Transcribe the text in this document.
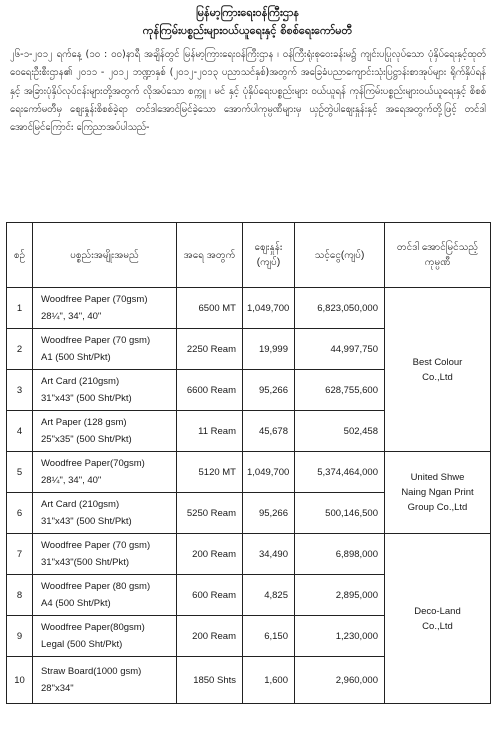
မြန်မာ့ကြားရေးဝန်ကြီးဌာန
ကုန်ကြမ်းပစ္စည်းများဝယ်ယူရေးနှင့် စိစစ်ရေးကော်မတီ
၂၆-၁-၂၀၁၂ ရက်နေ့ (၁၀ : ၀၀)နာရီ အချိန်တွင် မြန်မာ့ကြားရေးဝန်ကြီးဌာန ၊ ဝန်ကြီးရုံးစုဝေးခန်းမ၌ ကျင်းပပြုလုပ်သော ပုံနှိပ်ရေးနှင့်ထုတ်ဝေရေးဦးစီးဌာန၏ ၂၀၁၁ - ၂၀၁၂ ဘဏ္ဍာနှစ် (၂၀၁၂-၂၀၁၃ ပညာသင်နှစ်)အတွက် အခြေခံပညာကျောင်းသုံးပြဋ္ဌာန်းစာအုပ်များ ရိုက်နှိပ်ရန်နှင့် အခြားပုံနှိပ်လုပ်ငန်းများတို့အတွက် လိုအပ်သော စက္ကူ ၊ မင် နှင့် ပုံနှိပ်ရေးပစ္စည်းများ ဝယ်ယူရန် ကုန်ကြမ်းပစ္စည်းများဝယ်ယူရေးနှင့် စိစစ်ရေးကော်မတီမှ ဈေးနှုန်းစိစစ်ခဲ့ရာ တင်ဒါအောင်မြင်ခဲ့သော အောက်ပါကုမ္ပဏီများမှ ယှဉ်တွဲပါဈေးနှုန်းနှင့် အရေအတွက်တို့ဖြင့် တင်ဒါအောင်မြင်ကြောင်း ကြေညာအပ်ပါသည်-
စဉ်	ပစ္စည်းအမျိုးအမည်	အရေ အတွက်	ဈေးနှုန်း (ကျပ်)	သင့်ငွေ(ကျပ်)	တင်ဒါ အောင်မြင်သည့် ကုမ္ပဏီ
1	Woodfree Paper (70gsm)
28¼", 34", 40"	6500 MT	1,049,700	6,823,050,000	Best Colour
Co.,Ltd
2	Woodfree Paper (70 gsm)
A1 (500 Sht/Pkt)	2250 Ream	19,999	44,997,750	
3	Art Card (210gsm)
31"x43" (500 Sht/Pkt)	6600 Ream	95,266	628,755,600	
4	Art Paper (128 gsm)
25"x35" (500 Sht/Pkt)	11 Ream	45,678	502,458	
5	Woodfree Paper(70gsm)
28¼", 34", 40"	5120 MT	1,049,700	5,374,464,000	United Shwe
Naing Ngan Print
Group Co.,Ltd
6	Art Card (210gsm)
31"x43" (500 Sht/Pkt)	5250 Ream	95,266	500,146,500	
7	Woodfree Paper (70 gsm)
31"x43"(500 Sht/Pkt)	200 Ream	34,490	6,898,000	Deco-Land
Co.,Ltd
8	Woodfree Paper (80 gsm)
A4 (500 Sht/Pkt)	600 Ream	4,825	2,895,000	
9	Woodfree Paper(80gsm)
Legal (500 Sht/Pkt)	200 Ream	6,150	1,230,000	
10	Straw Board(1000 gsm)
28"x34"	1850 Shts	1,600	2,960,000	
